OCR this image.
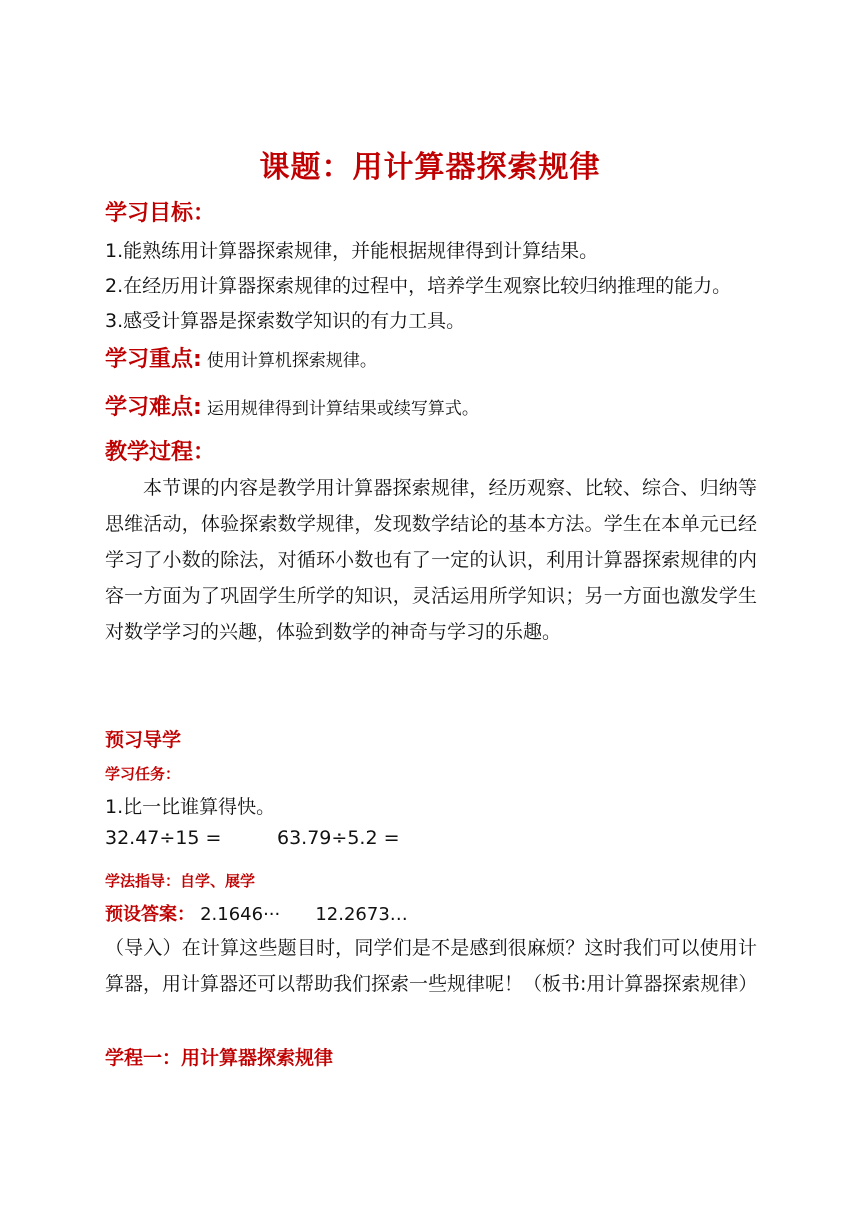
课题：用计算器探索规律
学习目标：
1.能熟练用计算器探索规律，并能根据规律得到计算结果。
2.在经历用计算器探索规律的过程中，培养学生观察比较归纳推理的能力。
3.感受计算器是探索数学知识的有力工具。
学习重点: 使用计算机探索规律。
学习难点: 运用规律得到计算结果或续写算式。
教学过程：
本节课的内容是教学用计算器探索规律，经历观察、比较、综合、归纳等思维活动，体验探索数学规律，发现数学结论的基本方法。学生在本单元已经学习了小数的除法，对循环小数也有了一定的认识，利用计算器探索规律的内容一方面为了巩固学生所学的知识，灵活运用所学知识；另一方面也激发学生对数学学习的兴趣，体验到数学的神奇与学习的乐趣。
预习导学
学习任务：
1.比一比谁算得快。
32.47÷15 =	63.79÷5.2 =
学法指导：自学、展学
预设答案： 2.1646··· 12.2673…
（导入）在计算这些题目时，同学们是不是感到很麻烦？这时我们可以使用计算器，用计算器还可以帮助我们探索一些规律呢！（板书:用计算器探索规律）
学程一：用计算器探索规律
